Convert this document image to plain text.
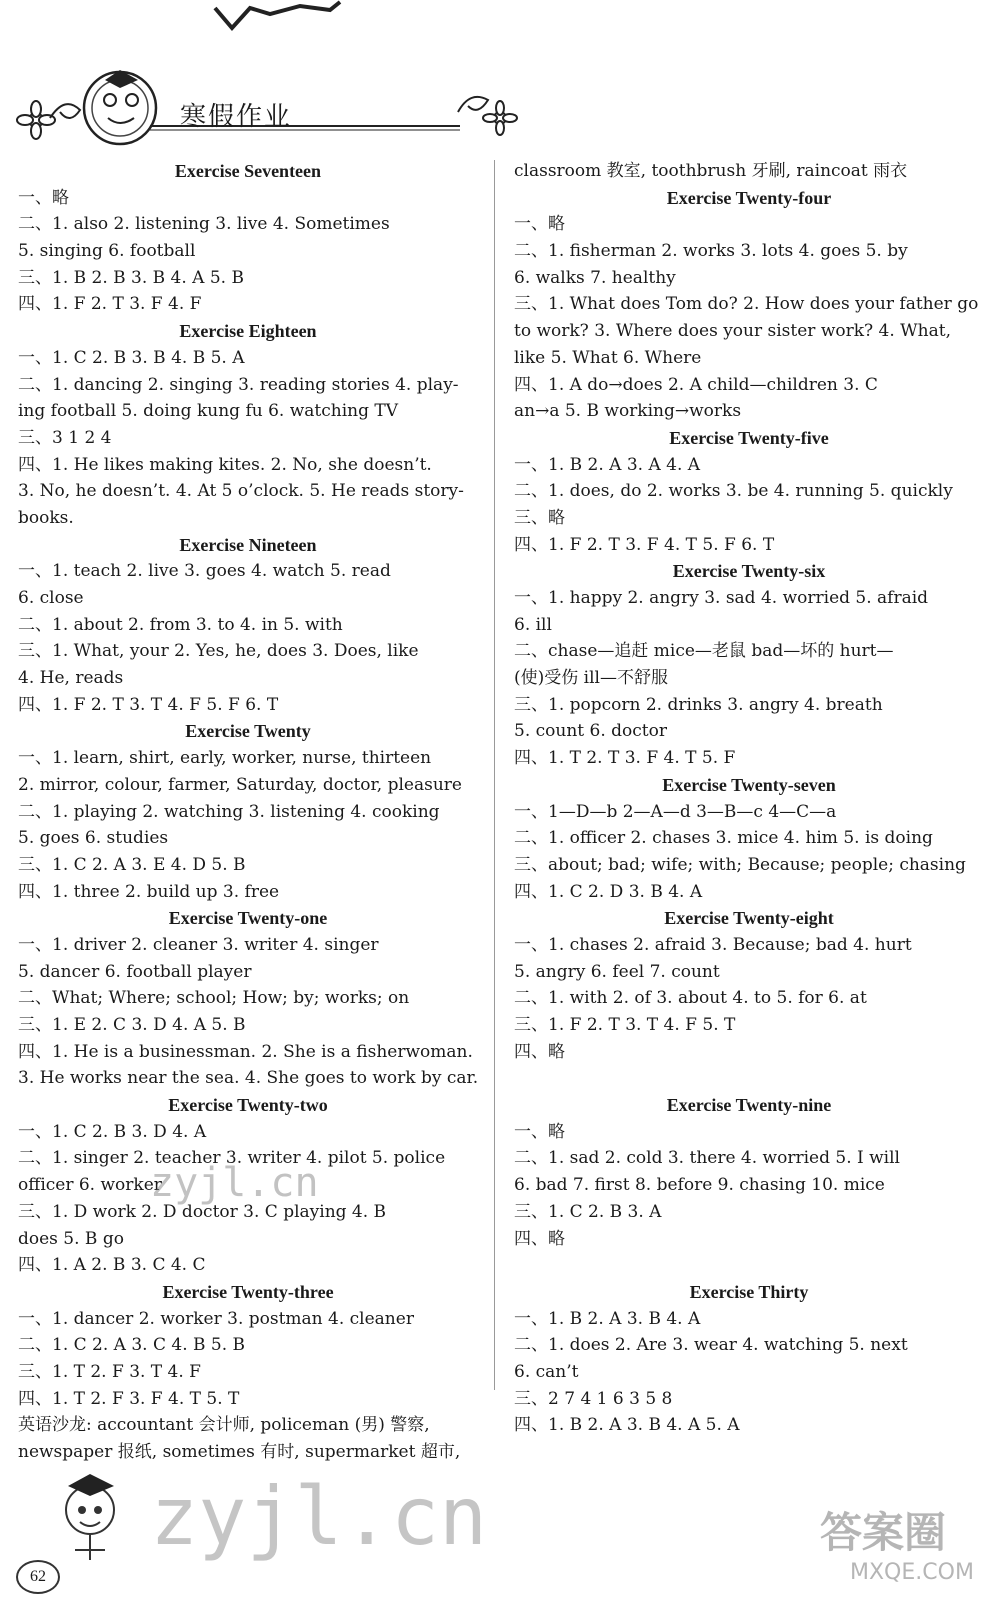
寒假作业
Exercise Seventeen
一、略
二、1. also 2. listening 3. live 4. Sometimes
5. singing 6. football
三、1. B 2. B 3. B 4. A 5. B
四、1. F 2. T 3. F 4. F
Exercise Eighteen
一、1. C 2. B 3. B 4. B 5. A
二、1. dancing 2. singing 3. reading stories 4. play-
ing football 5. doing kung fu 6. watching TV
三、3 1 2 4
四、1. He likes making kites. 2. No, she doesn’t.
3. No, he doesn’t. 4. At 5 o’clock. 5. He reads story-
books.
Exercise Nineteen
一、1. teach 2. live 3. goes 4. watch 5. read
6. close
二、1. about 2. from 3. to 4. in 5. with
三、1. What, your 2. Yes, he, does 3. Does, like
4. He, reads
四、1. F 2. T 3. T 4. F 5. F 6. T
Exercise Twenty
一、1. learn, shirt, early, worker, nurse, thirteen
2. mirror, colour, farmer, Saturday, doctor, pleasure
二、1. playing 2. watching 3. listening 4. cooking
5. goes 6. studies
三、1. C 2. A 3. E 4. D 5. B
四、1. three 2. build up 3. free
Exercise Twenty-one
一、1. driver 2. cleaner 3. writer 4. singer
5. dancer 6. football player
二、What; Where; school; How; by; works; on
三、1. E 2. C 3. D 4. A 5. B
四、1. He is a businessman. 2. She is a fisherwoman.
3. He works near the sea. 4. She goes to work by car.
Exercise Twenty-two
一、1. C 2. B 3. D 4. A
二、1. singer 2. teacher 3. writer 4. pilot 5. police
officer 6. worker
三、1. D work 2. D doctor 3. C playing 4. B
does 5. B go
四、1. A 2. B 3. C 4. C
Exercise Twenty-three
一、1. dancer 2. worker 3. postman 4. cleaner
二、1. C 2. A 3. C 4. B 5. B
三、1. T 2. F 3. T 4. F
四、1. T 2. F 3. F 4. T 5. T
英语沙龙: accountant 会计师, policeman (男) 警察,
newspaper 报纸, sometimes 有时, supermarket 超市,
classroom 教室, toothbrush 牙刷, raincoat 雨衣
Exercise Twenty-four
一、略
二、1. fisherman 2. works 3. lots 4. goes 5. by
6. walks 7. healthy
三、1. What does Tom do? 2. How does your father go
to work? 3. Where does your sister work? 4. What,
like 5. What 6. Where
四、1. A do→does 2. A child—children 3. C
an→a 5. B working→works
Exercise Twenty-five
一、1. B 2. A 3. A 4. A
二、1. does, do 2. works 3. be 4. running 5. quickly
三、略
四、1. F 2. T 3. F 4. T 5. F 6. T
Exercise Twenty-six
一、1. happy 2. angry 3. sad 4. worried 5. afraid
6. ill
二、chase—追赶 mice—老鼠 bad—坏的 hurt—
(使)受伤 ill—不舒服
三、1. popcorn 2. drinks 3. angry 4. breath
5. count 6. doctor
四、1. T 2. T 3. F 4. T 5. F
Exercise Twenty-seven
一、1—D—b 2—A—d 3—B—c 4—C—a
二、1. officer 2. chases 3. mice 4. him 5. is doing
三、about; bad; wife; with; Because; people; chasing
四、1. C 2. D 3. B 4. A
Exercise Twenty-eight
一、1. chases 2. afraid 3. Because; bad 4. hurt
5. angry 6. feel 7. count
二、1. with 2. of 3. about 4. to 5. for 6. at
三、1. F 2. T 3. T 4. F 5. T
四、略
Exercise Twenty-nine
一、略
二、1. sad 2. cold 3. there 4. worried 5. I will
6. bad 7. first 8. before 9. chasing 10. mice
三、1. C 2. B 3. A
四、略
Exercise Thirty
一、1. B 2. A 3. B 4. A
二、1. does 2. Are 3. wear 4. watching 5. next
6. can’t
三、2 7 4 1 6 3 5 8
四、1. B 2. A 3. B 4. A 5. A
zyjl.cn
zyjl.cn
62
答案圈
MXQE.COM
